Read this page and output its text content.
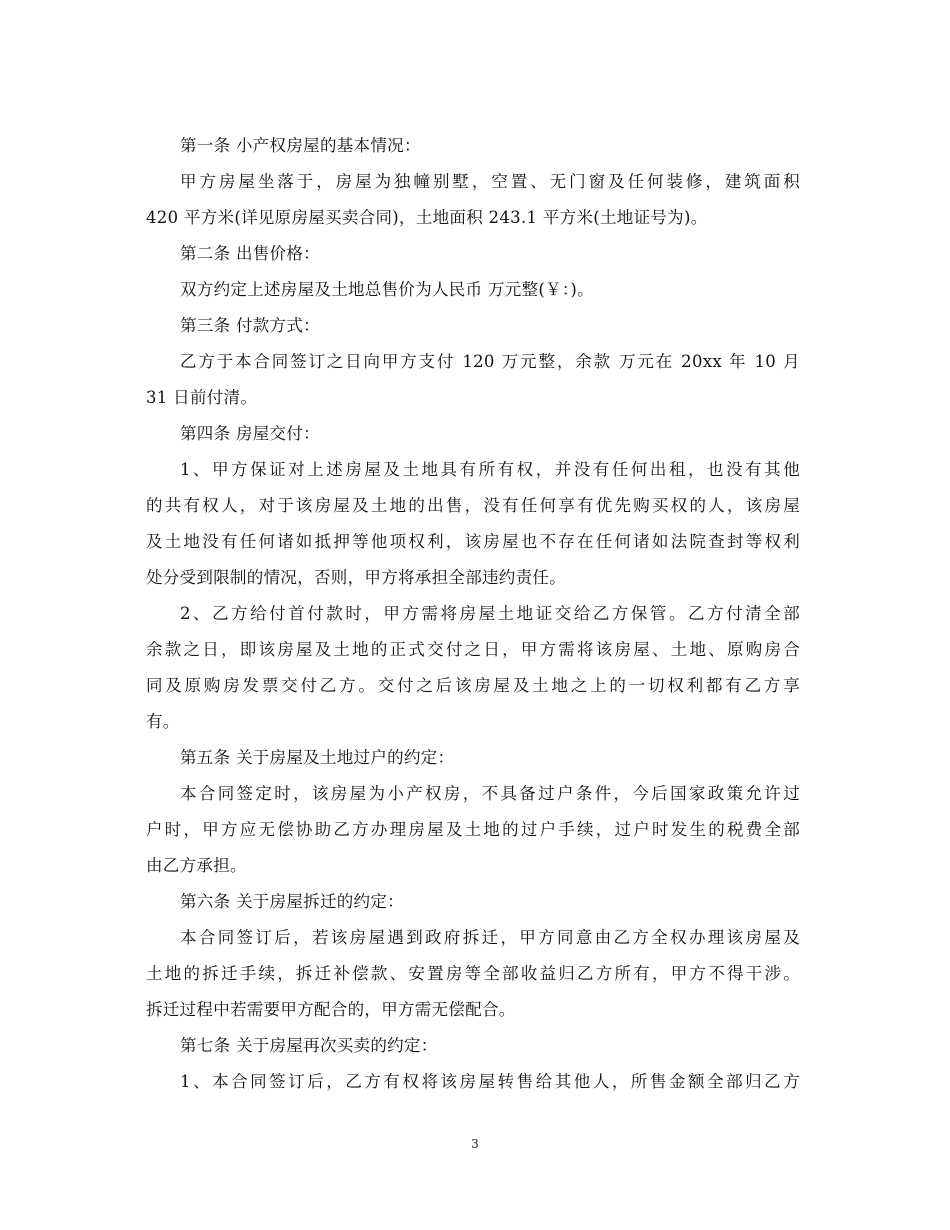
第一条 小产权房屋的基本情况：
甲方房屋坐落于，房屋为独幢别墅，空置、无门窗及任何装修，建筑面积
420 平方米(详见原房屋买卖合同)，土地面积 243.1 平方米(土地证号为)。
第二条 出售价格：
双方约定上述房屋及土地总售价为人民币 万元整(￥：)。
第三条 付款方式：
乙方于本合同签订之日向甲方支付 120 万元整，余款 万元在 20xx 年 10 月
31 日前付清。
第四条 房屋交付：
1、甲方保证对上述房屋及土地具有所有权，并没有任何出租，也没有其他
的共有权人，对于该房屋及土地的出售，没有任何享有优先购买权的人，该房屋
及土地没有任何诸如抵押等他项权利，该房屋也不存在任何诸如法院查封等权利
处分受到限制的情况，否则，甲方将承担全部违约责任。
2、乙方给付首付款时，甲方需将房屋土地证交给乙方保管。乙方付清全部
余款之日，即该房屋及土地的正式交付之日，甲方需将该房屋、土地、原购房合
同及原购房发票交付乙方。交付之后该房屋及土地之上的一切权利都有乙方享
有。
第五条 关于房屋及土地过户的约定：
本合同签定时，该房屋为小产权房，不具备过户条件，今后国家政策允许过
户时，甲方应无偿协助乙方办理房屋及土地的过户手续，过户时发生的税费全部
由乙方承担。
第六条 关于房屋拆迁的约定：
本合同签订后，若该房屋遇到政府拆迁，甲方同意由乙方全权办理该房屋及
土地的拆迁手续，拆迁补偿款、安置房等全部收益归乙方所有，甲方不得干涉。
拆迁过程中若需要甲方配合的，甲方需无偿配合。
第七条 关于房屋再次买卖的约定：
1、本合同签订后，乙方有权将该房屋转售给其他人，所售金额全部归乙方
3
